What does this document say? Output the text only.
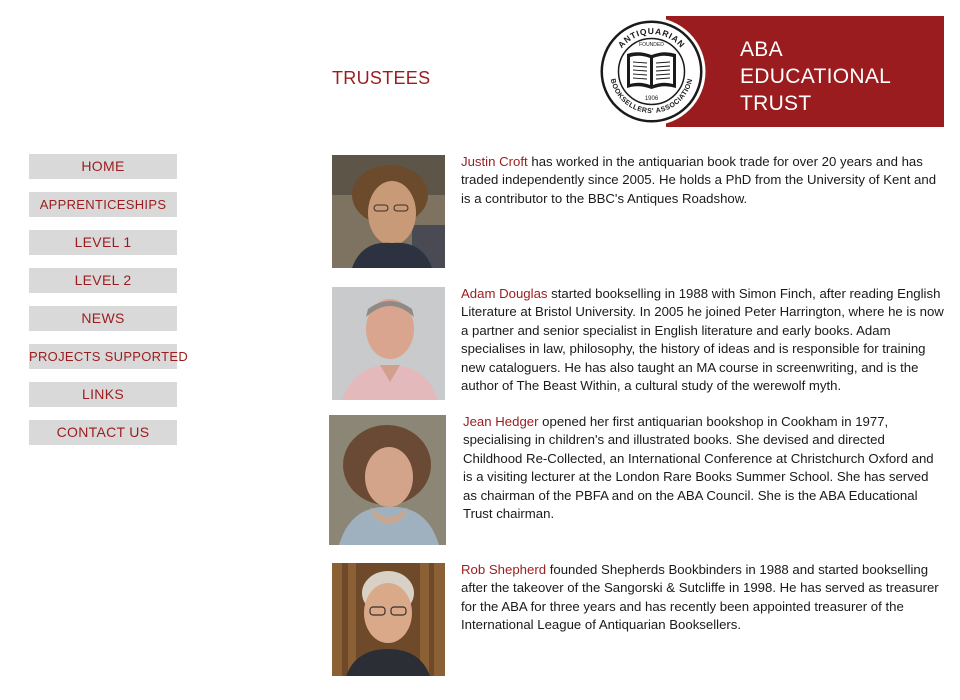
TRUSTEES
ANTIQUARIAN
BOOKSELLERS' ASSOCIATION
FOUNDED
1906
ABA
EDUCATIONAL
TRUST
HOME
APPRENTICESHIPS
LEVEL 1
LEVEL 2
NEWS
PROJECTS SUPPORTED
LINKS
CONTACT US
Justin Croft has worked in the antiquarian book trade for over 20 years and has traded independently since 2005. He holds a PhD from the University of Kent and is a contributor to the BBC's Antiques Roadshow.
Adam Douglas started bookselling in 1988 with Simon Finch, after reading English Literature at Bristol University. In 2005 he joined Peter Harrington, where he is now a partner and senior specialist in English literature and early books. Adam specialises in law, philosophy, the history of ideas and is responsible for training new cataloguers. He has also taught an MA course in screenwriting, and is the author of The Beast Within, a cultural study of the werewolf myth.
Jean Hedger opened her first antiquarian bookshop in Cookham in 1977, specialising in children's and illustrated books. She devised and directed Childhood Re-Collected, an International Conference at Christchurch Oxford and is a visiting lecturer at the London Rare Books Summer School. She has served as chairman of the PBFA and on the ABA Council. She is the ABA Educational Trust chairman.
Rob Shepherd founded Shepherds Bookbinders in 1988 and started bookselling after the takeover of the Sangorski & Sutcliffe in 1998. He has served as treasurer for the ABA for three years and has recently been appointed treasurer of the International League of Antiquarian Booksellers.
